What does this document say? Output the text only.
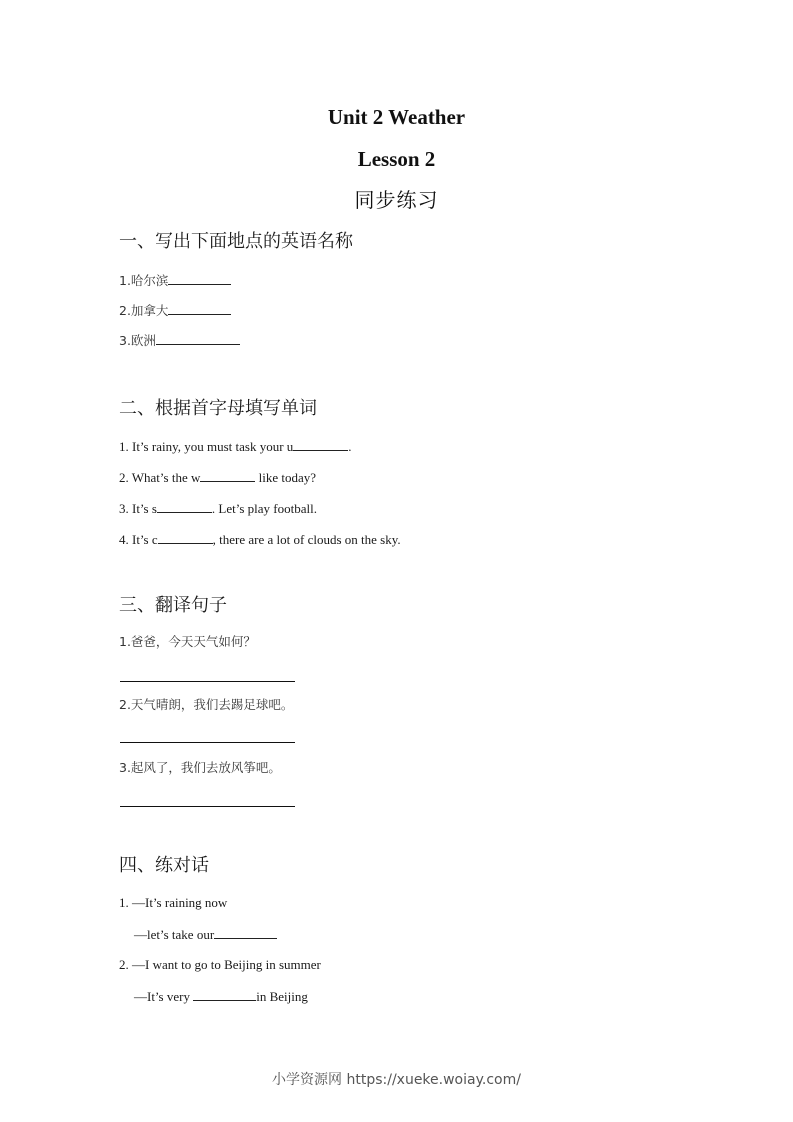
Unit 2 Weather
Lesson 2
同步练习
一、写出下面地点的英语名称
1.哈尔滨
2.加拿大
3.欧洲
二、根据首字母填写单词
1. It’s rainy, you must task your u	.
2. What’s the w	like today?
3. It’s s	. Let’s play football.
4. It’s c	, there are a lot of clouds on the sky.
三、翻译句子
1.爸爸，今天天气如何？
2.天气晴朗，我们去踢足球吧。
3.起风了，我们去放风筝吧。
四、练对话
1. —It’s raining now
—let’s take our
2. —I want to go to Beijing in summer
—It’s very	in Beijing
小学资源网 https://xueke.woiay.com/
